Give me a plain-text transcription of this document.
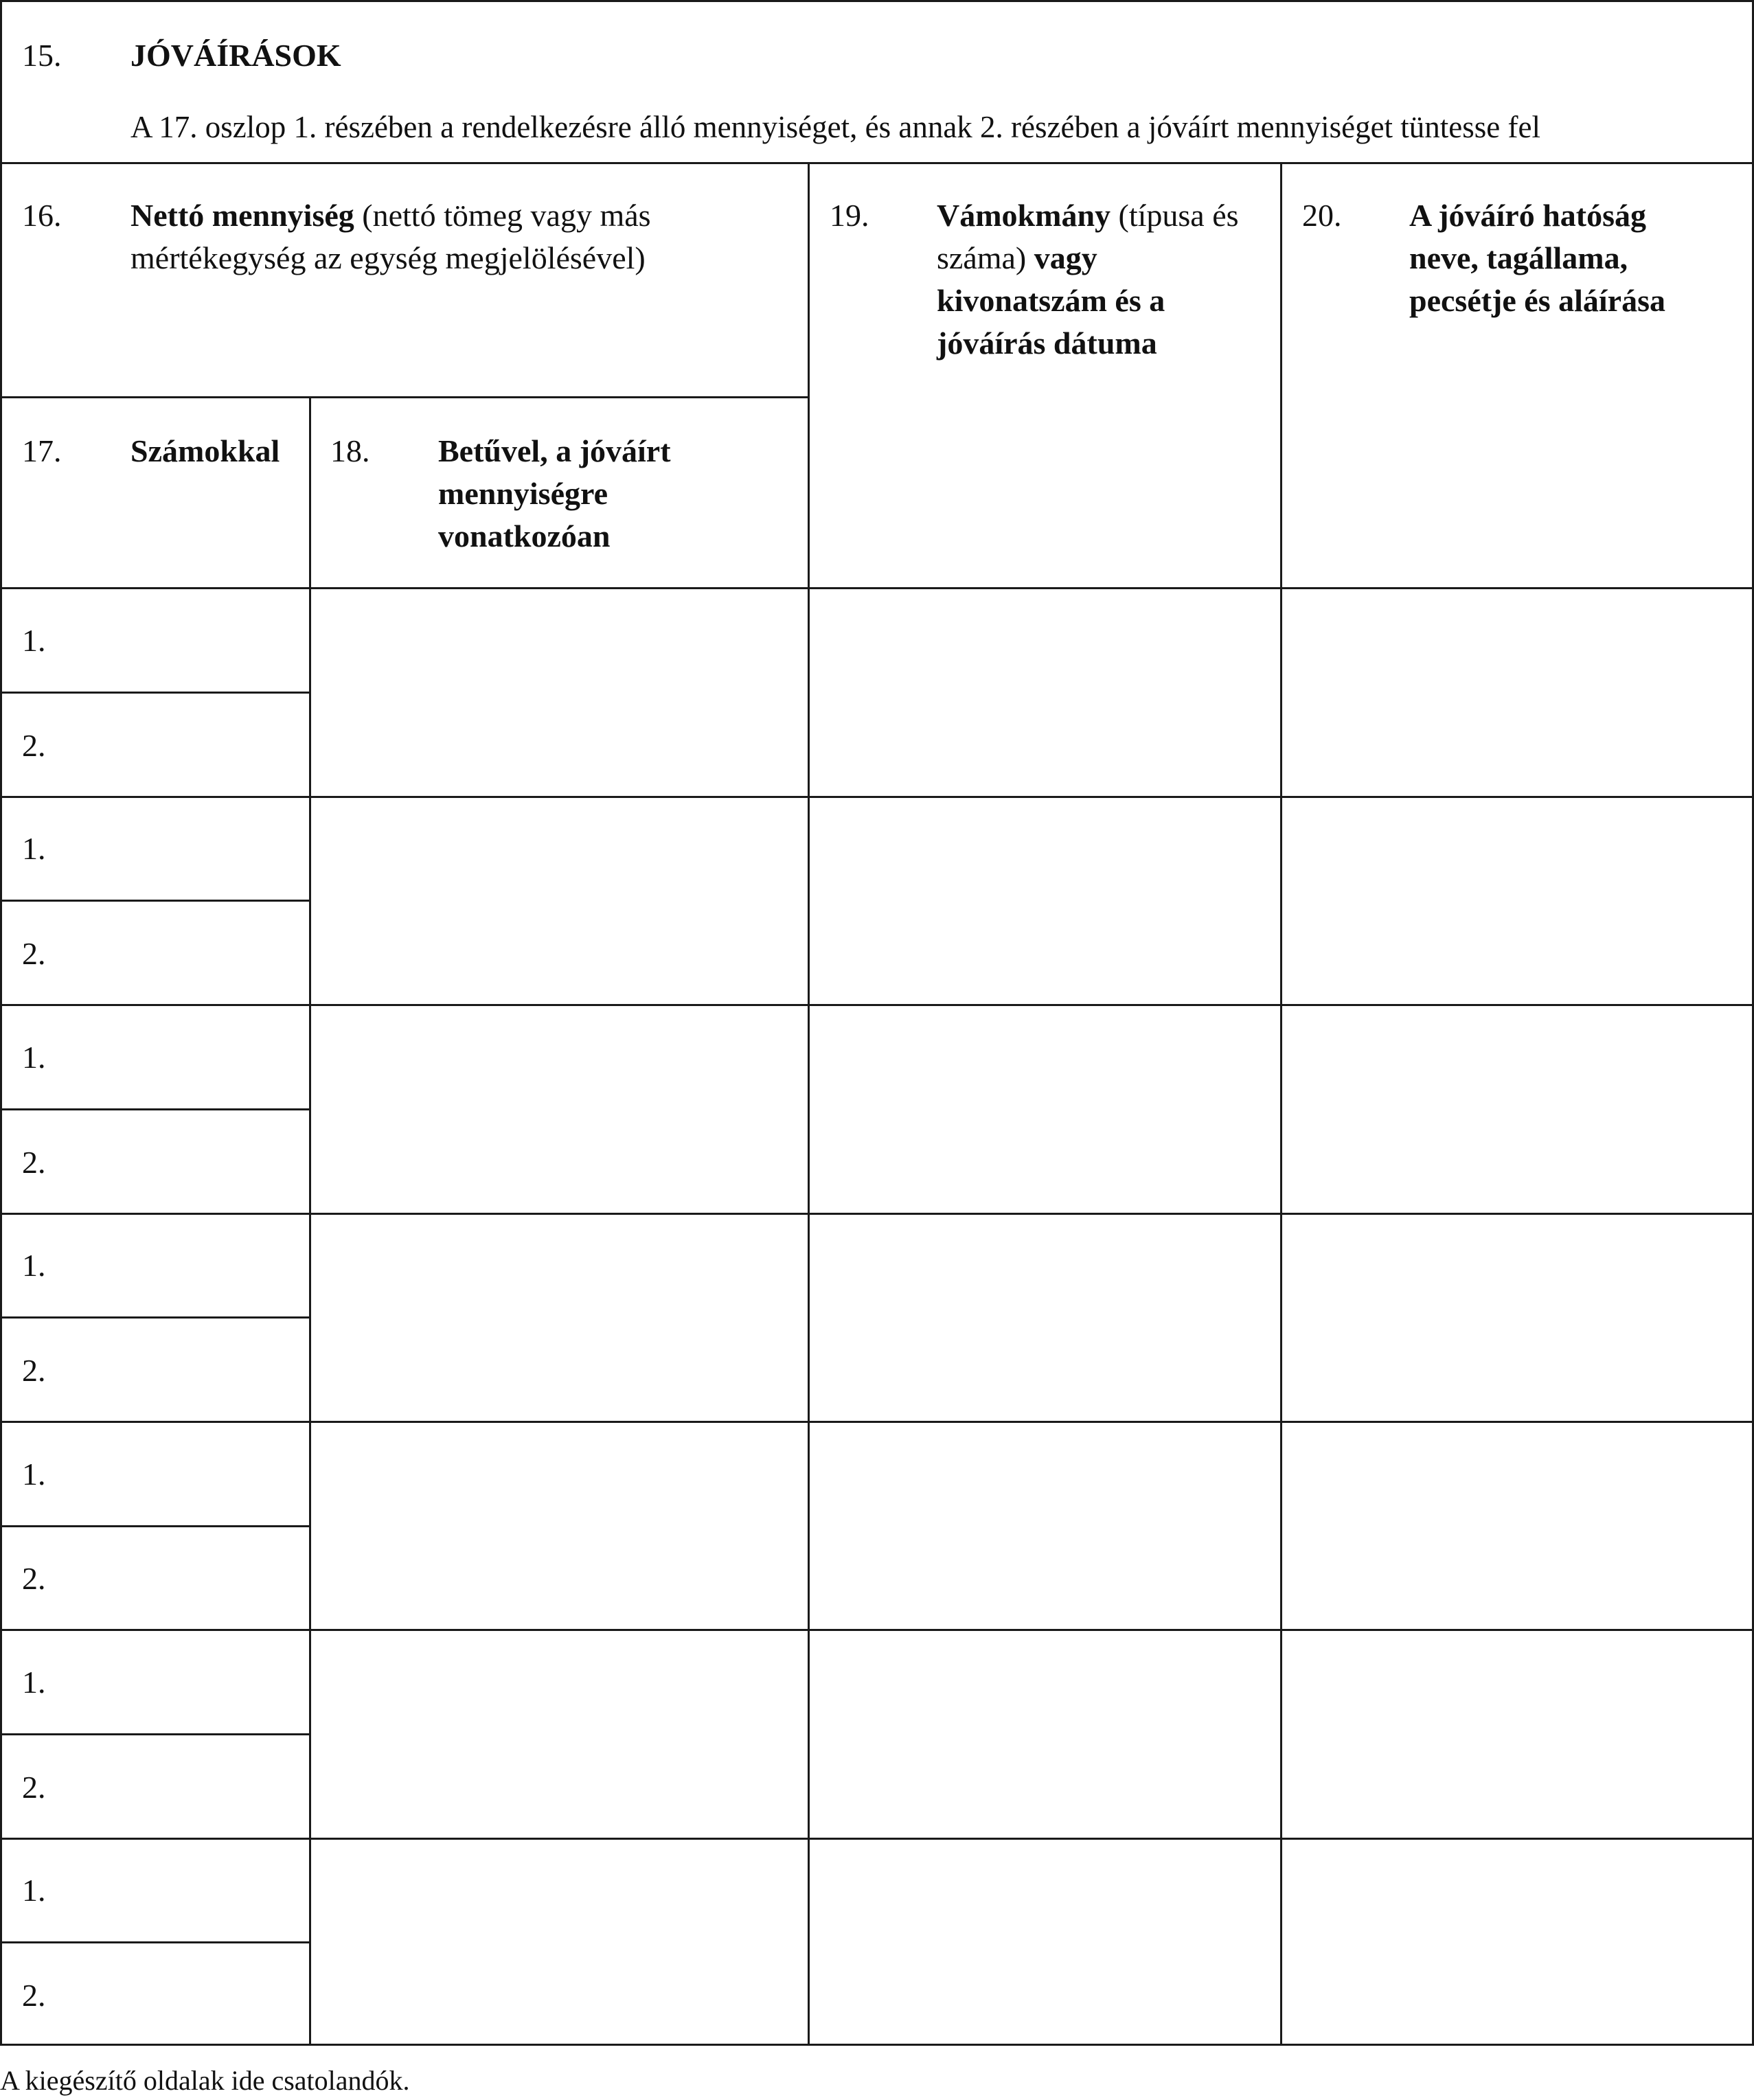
15. JÓVÁÍRÁSOK
A 17. oszlop 1. részében a rendelkezésre álló mennyiséget, és annak 2. részében a jóváírt mennyiséget tüntesse fel
16. Nettó mennyiség (nettó tömeg vagy más
mértékegység az egység megjelölésével)
17. Számokkal 18. Betűvel, a jóváírt
mennyiségre
vonatkozóan
19. Vámokmány (típusa és
száma) vagy
kivonatszám és a
jóváírás dátuma
20. A jóváíró hatóság
neve, tagállama,
pecsétje és aláírása
1.
2.
1.
2.
1.
2.
1.
2.
1.
2.
1.
2.
1.
2.
A kiegészítő oldalak ide csatolandók.
